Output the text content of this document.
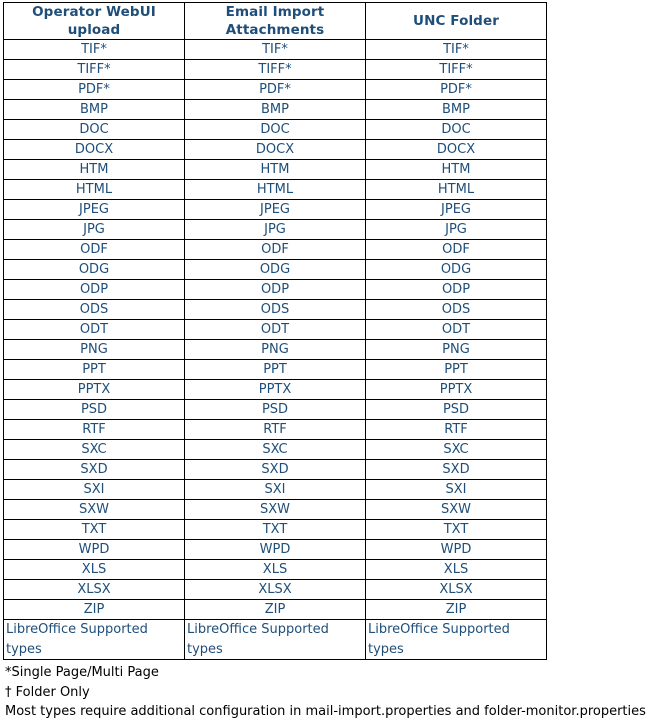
Operator WebUI upload	Email Import Attachments	UNC Folder
TIF*	TIF*	TIF*
TIFF*	TIFF*	TIFF*
PDF*	PDF*	PDF*
BMP	BMP	BMP
DOC	DOC	DOC
DOCX	DOCX	DOCX
HTM	HTM	HTM
HTML	HTML	HTML
JPEG	JPEG	JPEG
JPG	JPG	JPG
ODF	ODF	ODF
ODG	ODG	ODG
ODP	ODP	ODP
ODS	ODS	ODS
ODT	ODT	ODT
PNG	PNG	PNG
PPT	PPT	PPT
PPTX	PPTX	PPTX
PSD	PSD	PSD
RTF	RTF	RTF
SXC	SXC	SXC
SXD	SXD	SXD
SXI	SXI	SXI
SXW	SXW	SXW
TXT	TXT	TXT
WPD	WPD	WPD
XLS	XLS	XLS
XLSX	XLSX	XLSX
ZIP	ZIP	ZIP
LibreOffice Supported types	LibreOffice Supported types	LibreOffice Supported types
*Single Page/Multi Page
† Folder Only
Most types require additional configuration in mail-import.properties and folder-monitor.properties
